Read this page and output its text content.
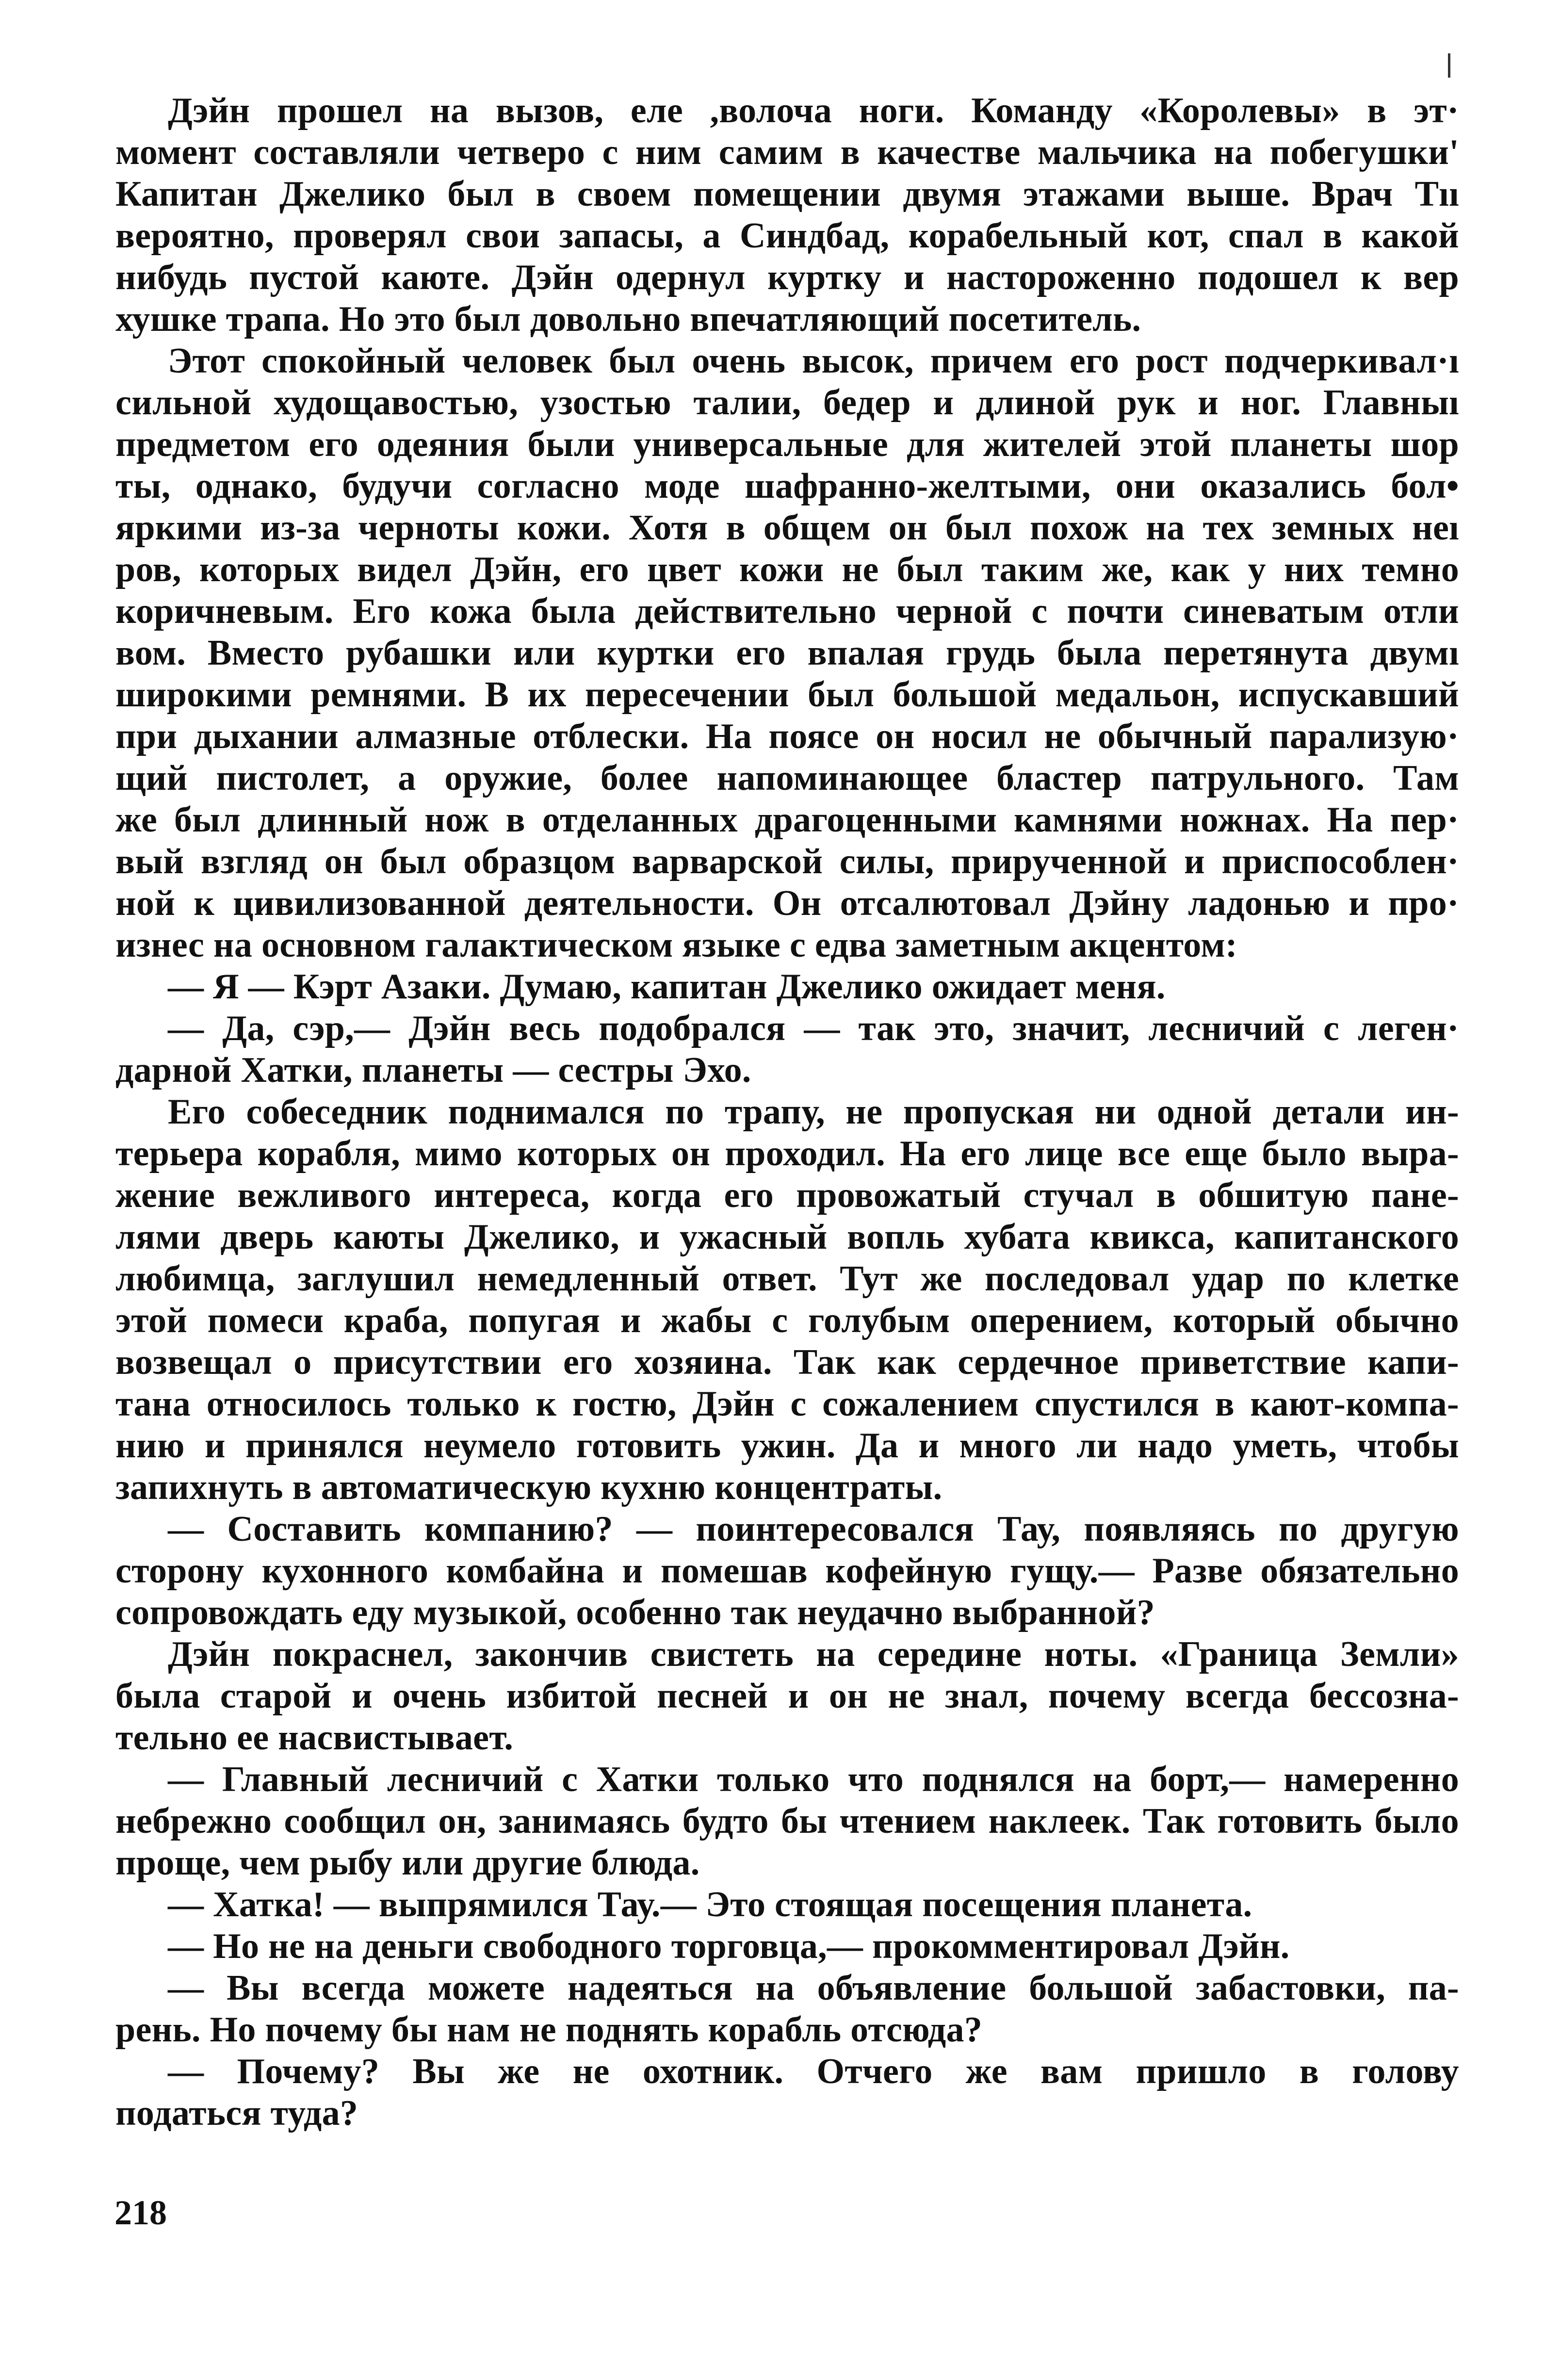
Дэйн прошел на вызов, еле ,волоча ноги. Команду «Королевы» в эт·
момент составляли четверо с ним самим в качестве мальчика на побегушки'
Капитан Джелико был в своем помещении двумя этажами выше. Врач Тıı
вероятно, проверял свои запасы, а Синдбад, корабельный кот, спал в какой
нибудь пустой каюте. Дэйн одернул куртку и настороженно подошел к вер
хушке трапа. Но это был довольно впечатляющий посетитель.
Этот спокойный человек был очень высок, причем его рост подчеркивал·ı
сильной худощавостью, узостью талии, бедер и длиной рук и ног. Главныı
предметом его одеяния были универсальные для жителей этой планеты шор
ты, однако, будучи согласно моде шафранно-желтыми, они оказались бол•
яркими из-за черноты кожи. Хотя в общем он был похож на тех земных неı
ров, которых видел Дэйн, его цвет кожи не был таким же, как у них темно
коричневым. Его кожа была действительно черной с почти синеватым отли
вом. Вместо рубашки или куртки его впалая грудь была перетянута двумı
широкими ремнями. В их пересечении был большой медальон, испускавший
при дыхании алмазные отблески. На поясе он носил не обычный парализую·
щий пистолет, а оружие, более напоминающее бластер патрульного. Там
же был длинный нож в отделанных драгоценными камнями ножнах. На пер·
вый взгляд он был образцом варварской силы, прирученной и приспособлен·
ной к цивилизованной деятельности. Он отсалютовал Дэйну ладонью и про·
изнес на основном галактическом языке с едва заметным акцентом:
— Я — Кэрт Азаки. Думаю, капитан Джелико ожидает меня.
— Да, сэр,— Дэйн весь подобрался — так это, значит, лесничий с леген·
дарной Хатки, планеты — сестры Эхо.
Его собеседник поднимался по трапу, не пропуская ни одной детали ин-
терьера корабля, мимо которых он проходил. На его лице все еще было выра-
жение вежливого интереса, когда его провожатый стучал в обшитую пане-
лями дверь каюты Джелико, и ужасный вопль хубата квикса, капитанского
любимца, заглушил немедленный ответ. Тут же последовал удар по клетке
этой помеси краба, попугая и жабы с голубым оперением, который обычно
возвещал о присутствии его хозяина. Так как сердечное приветствие капи-
тана относилось только к гостю, Дэйн с сожалением спустился в кают-компа-
нию и принялся неумело готовить ужин. Да и много ли надо уметь, чтобы
запихнуть в автоматическую кухню концентраты.
— Составить компанию? — поинтересовался Тау, появляясь по другую
сторону кухонного комбайна и помешав кофейную гущу.— Разве обязательно
сопровождать еду музыкой, особенно так неудачно выбранной?
Дэйн покраснел, закончив свистеть на середине ноты. «Граница Земли»
была старой и очень избитой песней и он не знал, почему всегда бессозна-
тельно ее насвистывает.
— Главный лесничий с Хатки только что поднялся на борт,— намеренно
небрежно сообщил он, занимаясь будто бы чтением наклеек. Так готовить было
проще, чем рыбу или другие блюда.
— Хатка! — выпрямился Тау.— Это стоящая посещения планета.
— Но не на деньги свободного торговца,— прокомментировал Дэйн.
— Вы всегда можете надеяться на объявление большой забастовки, па-
рень. Но почему бы нам не поднять корабль отсюда?
— Почему? Вы же не охотник. Отчего же вам пришло в голову
податься туда?
218
